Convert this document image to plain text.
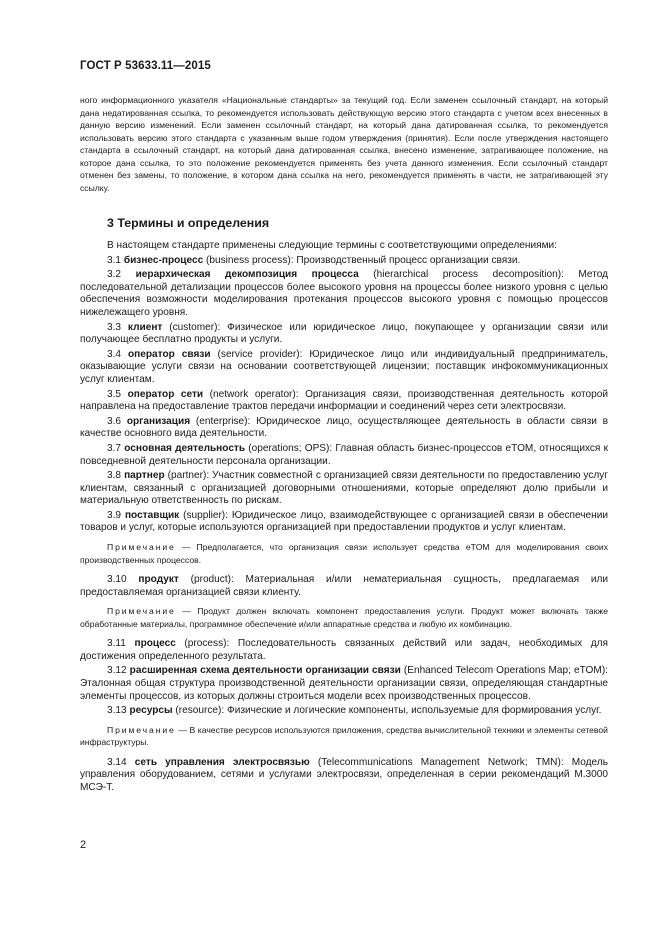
ГОСТ Р 53633.11—2015

ного информационного указателя «Национальные стандарты» за текущий год. Если заменен ссылочный стандарт, на который дана недатированная ссылка, то рекомендуется использовать действующую версию этого стандарта с учетом всех внесенных в данную версию изменений. Если заменен ссылочный стандарт, на который дана датированная ссылка, то рекомендуется использовать версию этого стандарта с указанным выше годом утверждения (принятия). Если после утверждения настоящего стандарта в ссылочный стандарт, на который дана датированная ссылка, внесено изменение, затрагивающее положение, на которое дана ссылка, то это положение рекомендуется применять без учета данного изменения. Если ссылочный стандарт отменен без замены, то положение, в котором дана ссылка на него, рекомендуется применять в части, не затрагивающей эту ссылку.

3 Термины и определения

В настоящем стандарте применены следующие термины с соответствующими определениями:

3.1 бизнес-процесс (business process): Производственный процесс организации связи.

3.2 иерархическая декомпозиция процесса (hierarchical process decomposition): Метод последовательной детализации процессов более высокого уровня на процессы более низкого уровня с целью обеспечения возможности моделирования протекания процессов высокого уровня с помощью процессов нижележащего уровня.

3.3 клиент (customer): Физическое или юридическое лицо, покупающее у организации связи или получающее бесплатно продукты и услуги.

3.4 оператор связи (service provider): Юридическое лицо или индивидуальный предприниматель, оказывающие услуги связи на основании соответствующей лицензии; поставщик инфокоммуникационных услуг клиентам.

3.5 оператор сети (network operator): Организация связи, производственная деятельность которой направлена на предоставление трактов передачи информации и соединений через сети электросвязи.

3.6 организация (enterprise): Юридическое лицо, осуществляющее деятельность в области связи в качестве основного вида деятельности.

3.7 основная деятельность (operations; OPS): Главная область бизнес-процессов eTOM, относящихся к повседневной деятельности персонала организации.

3.8 партнер (partner): Участник совместной с организацией связи деятельности по предоставлению услуг клиентам, связанный с организацией договорными отношениями, которые определяют долю прибыли и материальную ответственность по рискам.

3.9 поставщик (supplier): Юридическое лицо, взаимодействующее с организацией связи в обеспечении товаров и услуг, которые используются организацией при предоставлении продуктов и услуг клиентам.

Примечание — Предполагается, что организация связи использует средства eTOM для моделирования своих производственных процессов.

3.10 продукт (product): Материальная и/или нематериальная сущность, предлагаемая или предоставляемая организацией связи клиенту.

Примечание — Продукт должен включать компонент предоставления услуги. Продукт может включать также обработанные материалы, программное обеспечение и/или аппаратные средства и любую их комбинацию.

3.11 процесс (process): Последовательность связанных действий или задач, необходимых для достижения определенного результата.

3.12 расширенная схема деятельности организации связи (Enhanced Telecom Operations Map; eTOM): Эталонная общая структура производственной деятельности организации связи, определяющая стандартные элементы процессов, из которых должны строиться модели всех производственных процессов.

3.13 ресурсы (resource): Физические и логические компоненты, используемые для формирования услуг.

Примечание — В качестве ресурсов используются приложения, средства вычислительной техники и элементы сетевой инфраструктуры.

3.14 сеть управления электросвязью (Telecommunications Management Network; TMN): Модель управления оборудованием, сетями и услугами электросвязи, определенная в серии рекомендаций М.3000 МСЭ-Т.

2
